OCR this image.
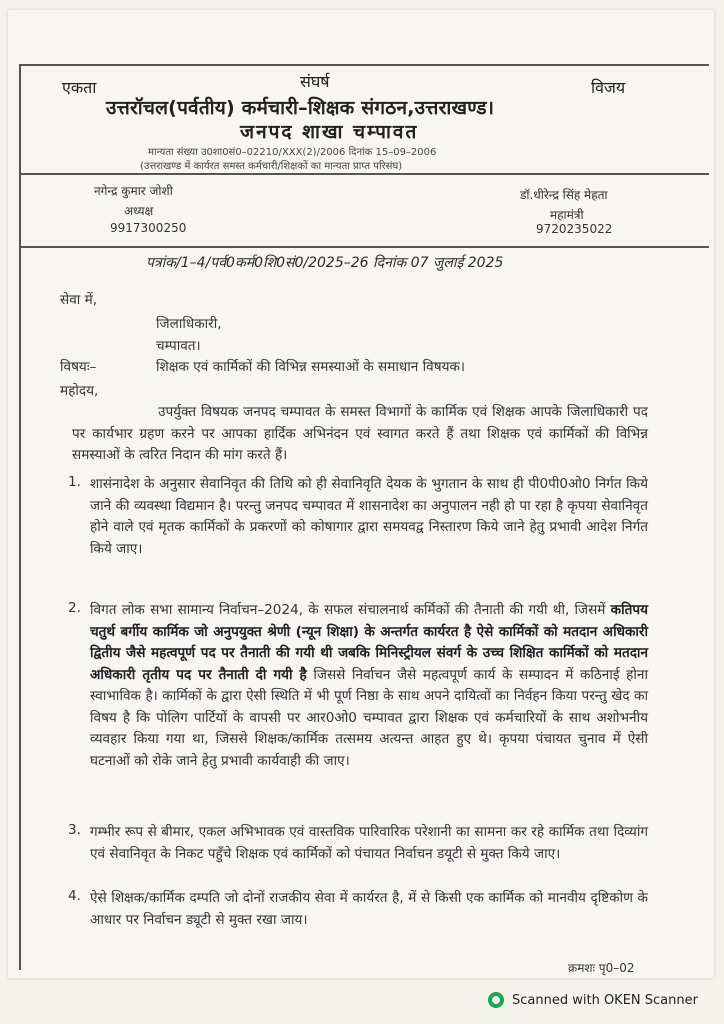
एकता	संघर्ष	विजय
उत्तरॉचल(पर्वतीय) कर्मचारी–शिक्षक संगठन,उत्तराखण्ड।
जनपद शाखा चम्पावत
मान्यता संख्या उ0शा0सं0–02210/XXX(2)/2006 दिनांक 15–09–2006
(उत्तराखण्ड में कार्यरत समस्त कर्मचारी/शिक्षकों का मान्यता प्राप्त परिसंघ)
नगेन्द्र कुमार जोशी
अध्यक्ष
9917300250
डॉ.धीरेन्द्र सिंह मेहता
महामंत्री
9720235022
पत्रांक/1–4/पर्व0कर्म0शि0सं0/2025–26 दिनांक 07 जुलाई 2025
सेवा में,
जिलाधिकारी,
चम्पावत।
विषयः–	शिक्षक एवं कार्मिकों की विभिन्न समस्याओं के समाधान विषयक।
महोदय,
उपर्युक्त विषयक जनपद चम्पावत के समस्त विभागों के कार्मिक एवं शिक्षक आपके जिलाधिकारी पद पर कार्यभार ग्रहण करने पर आपका हार्दिक अभिनंदन एवं स्वागत करते हैं तथा शिक्षक एवं कार्मिकों की विभिन्न समस्याओं के त्वरित निदान की मांग करते हैं।
1. शासंनादेश के अनुसार सेवानिवृत की तिथि को ही सेवानिवृति देयक के भुगतान के साथ ही पी0पी0ओ0 निर्गत किये जाने की व्यवस्था विद्यमान है। परन्तु जनपद चम्पावत में शासनादेश का अनुपालन नही हो पा रहा है कृपया सेवानिवृत होने वाले एवं मृतक कार्मिकों के प्रकरणों को कोषागार द्वारा समयवद्व निस्तारण किये जाने हेतु प्रभावी आदेश निर्गत किये जाए।
2. विगत लोक सभा सामान्य निर्वाचन–2024, के सफल संचालनार्थ कर्मिकों की तैनाती की गयी थी, जिसमें कतिपय चतुर्थ बर्गीय कार्मिक जो अनुपयुक्त श्रेणी (न्यून शिक्षा) के अन्तर्गत कार्यरत है ऐसे कार्मिकों को मतदान अधिकारी द्वितीय जैसे महत्वपूर्ण पद पर तैनाती की गयी थी जबकि मिनिस्ट्रीयल संवर्ग के उच्च शिक्षित कार्मिकों को मतदान अधिकारी तृतीय पद पर तैनाती दी गयी है जिससे निर्वाचन जैसे महत्वपूर्ण कार्य के सम्पादन में कठिनाई होना स्वाभाविक है। कार्मिकों के द्वारा ऐसी स्थिति में भी पूर्ण निष्ठा के साथ अपने दायित्वों का निर्वहन किया परन्तु खेद का विषय है कि पोलिग पार्टियों के वापसी पर आर0ओ0 चम्पावत द्वारा शिक्षक एवं कर्मचारियों के साथ अशोभनीय व्यवहार किया गया था, जिससे शिक्षक/कार्मिक तत्समय अत्यन्त आहत हुए थे। कृपया पंचायत चुनाव में ऐसी घटनाओं को रोके जाने हेतु प्रभावी कार्यवाही की जाए।
3. गम्भीर रूप से बीमार, एकल अभिभावक एवं वास्तविक पारिवारिक परेशानी का सामना कर रहे कार्मिक तथा दिव्यांग एवं सेवानिवृत के निकट पहुँचे शिक्षक एवं कार्मिकों को पंचायत निर्वाचन डयूटी से मुक्त किये जाए।
4. ऐसे शिक्षक/कार्मिक दम्पति जो दोनों राजकीय सेवा में कार्यरत है, में से किसी एक कार्मिक को मानवीय दृष्टिकोण के आधार पर निर्वाचन ड्यूटी से मुक्त रखा जाय।
क्रमशः पृ0–02
Scanned with OKEN Scanner
